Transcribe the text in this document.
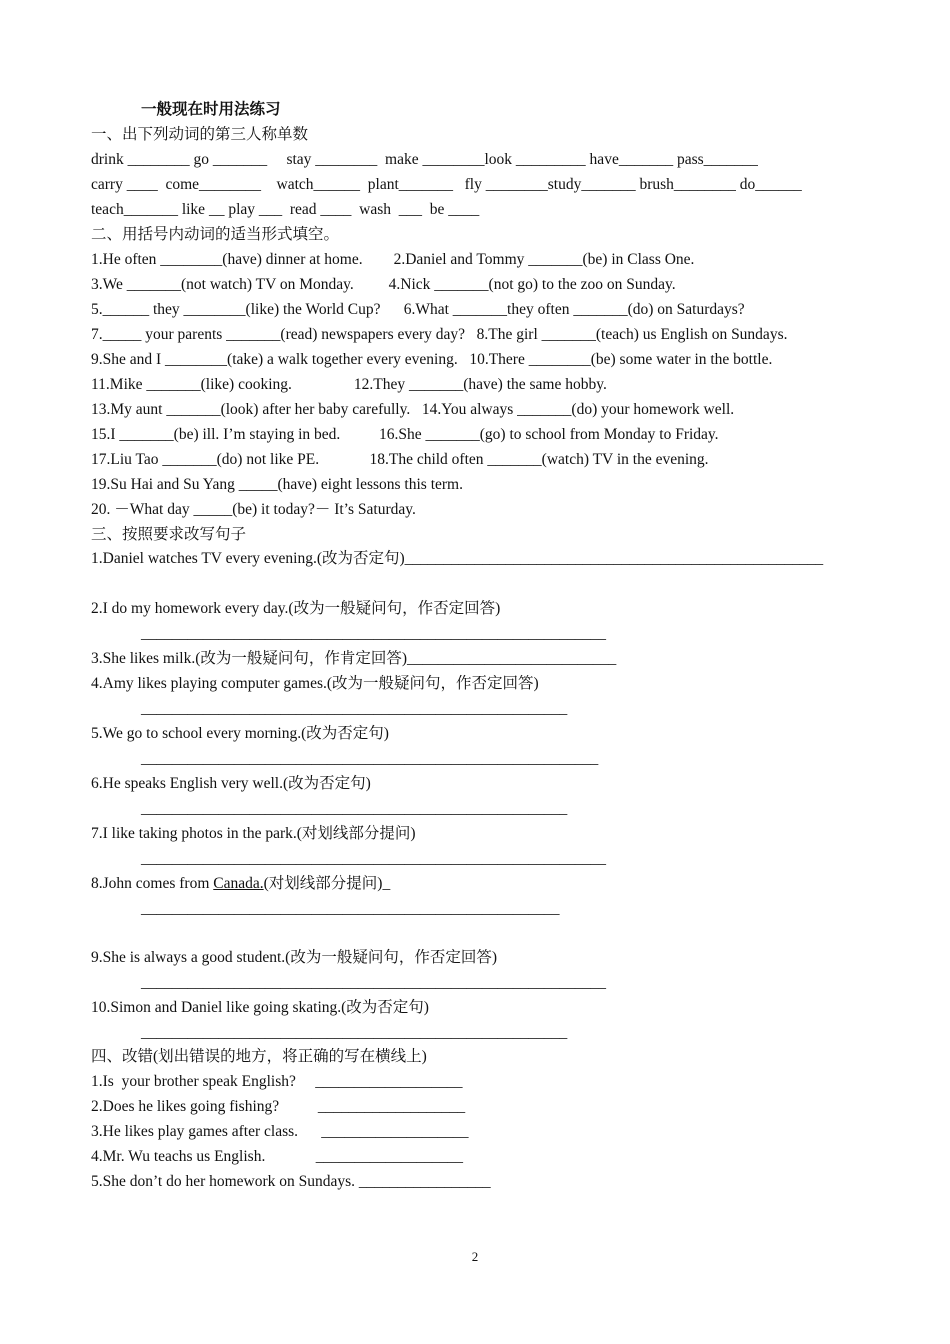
一般现在时用法练习
一、出下列动词的第三人称单数
drink ________ go _______     stay ________  make ________look _________ have_______ pass_______
carry ____  come________    watch______  plant_______   fly ________study_______ brush________ do______
teach_______ like __ play ___  read ____  wash  ___  be ____
二、用括号内动词的适当形式填空。
1.He often ________(have) dinner at home.        2.Daniel and Tommy _______(be) in Class One.
3.We _______(not watch) TV on Monday.         4.Nick _______(not go) to the zoo on Sunday.
5.______ they ________(like) the World Cup?      6.What _______they often _______(do) on Saturdays?
7._____ your parents _______(read) newspapers every day?   8.The girl _______(teach) us English on Sundays.
9.She and I ________(take) a walk together every evening.   10.There ________(be) some water in the bottle.
11.Mike _______(like) cooking.                12.They _______(have) the same hobby.
13.My aunt _______(look) after her baby carefully.   14.You always _______(do) your homework well.
15.I _______(be) ill. I’m staying in bed.          16.She _______(go) to school from Monday to Friday.
17.Liu Tao _______(do) not like PE.             18.The child often _______(watch) TV in the evening.
19.Su Hai and Su Yang _____(have) eight lessons this term.
20. －What day _____(be) it today?－ It’s Saturday.
三、按照要求改写句子
1.Daniel watches TV every evening.(改为否定句)______________________________________________________
2.I do my homework every day.(改为一般疑问句，作否定回答)
____________________________________________________________
3.She likes milk.(改为一般疑问句，作肯定回答)___________________________
4.Amy likes playing computer games.(改为一般疑问句，作否定回答)
_______________________________________________________
5.We go to school every morning.(改为否定句)
___________________________________________________________
6.He speaks English very well.(改为否定句)
_______________________________________________________
7.I like taking photos in the park.(对划线部分提问)
____________________________________________________________
8.John comes from Canada.(对划线部分提问)_
______________________________________________________
9.She is always a good student.(改为一般疑问句，作否定回答)
____________________________________________________________
10.Simon and Daniel like going skating.(改为否定句)
_______________________________________________________
四、改错(划出错误的地方，将正确的写在横线上)
1.Is  your brother speak English?     ___________________
2.Does he likes going fishing?          ___________________
3.He likes play games after class.      ___________________
4.Mr. Wu teachs us English.             ___________________
5.She don’t do her homework on Sundays. _________________
2
